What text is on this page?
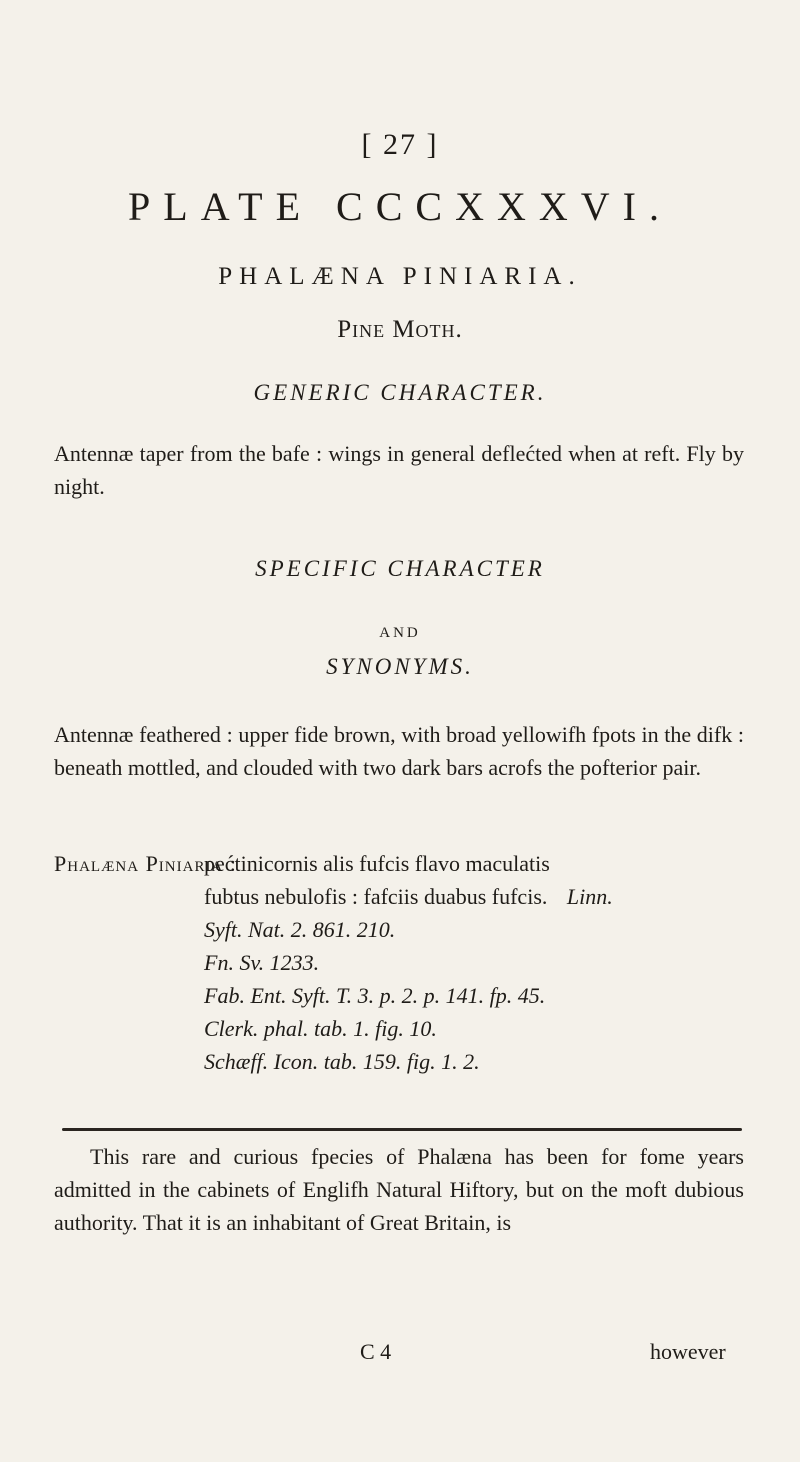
[ 27 ]
PLATE CCCXXXVI.
PHALÆNA PINIARIA.
Pine Moth.
GENERIC CHARACTER.
Antennæ taper from the bafe : wings in general deflećted when at reft. Fly by night.
SPECIFIC CHARACTER
AND
SYNONYMS.
Antennæ feathered : upper fide brown, with broad yellowifh fpots in the difk : beneath mottled, and clouded with two dark bars acrofs the pofterior pair.
Phalæna Piniaria :
pećtinicornis alis fufcis flavo maculatis
fubtus nebulofis : fafciis duabus fufcis. Linn.
Syft. Nat. 2. 861. 210.
Fn. Sv. 1233.
Fab. Ent. Syft. T. 3. p. 2. p. 141. fp. 45.
Clerk. phal. tab. 1. fig. 10.
Schæff. Icon. tab. 159. fig. 1. 2.
This rare and curious fpecies of Phalæna has been for fome years admitted in the cabinets of Englifh Natural Hiftory, but on the moft dubious authority. That it is an inhabitant of Great Britain, is
C 4	however
